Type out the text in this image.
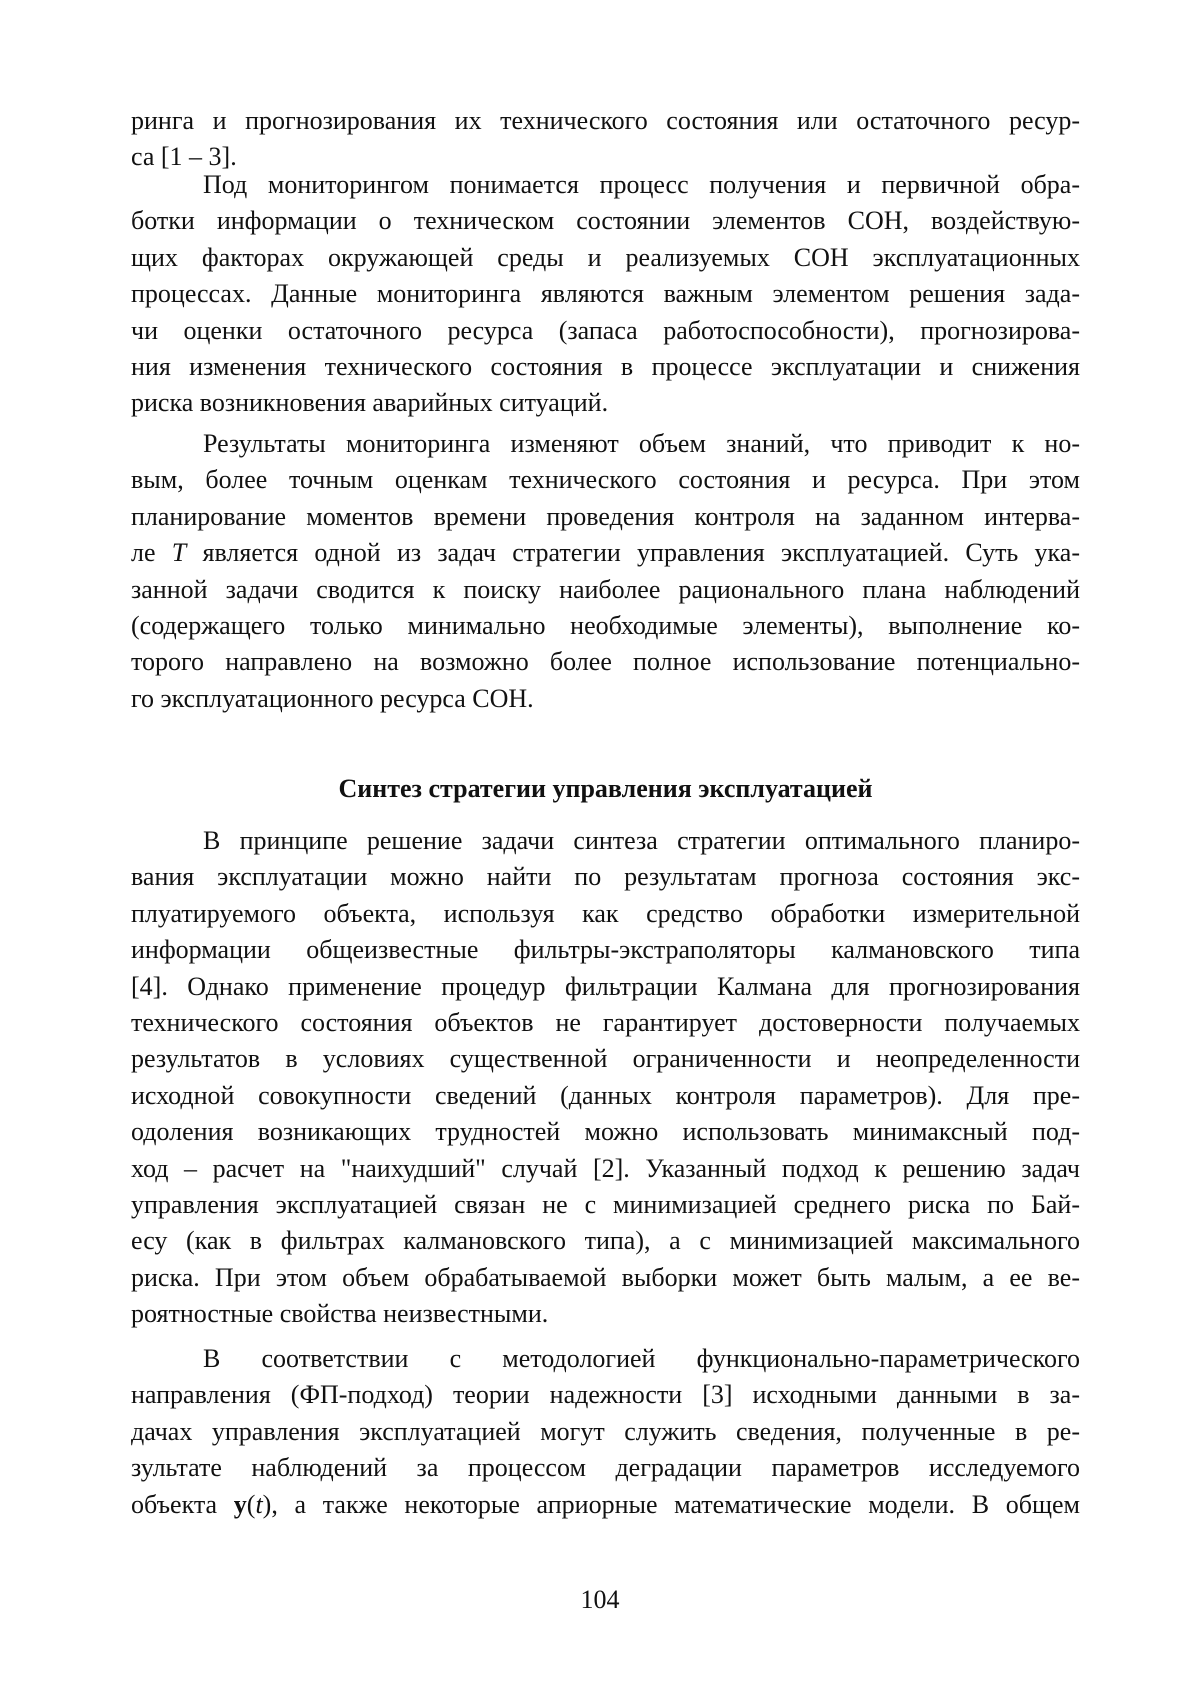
ринга и прогнозирования их технического состояния или остаточного ресур-
са [1 – 3].
Под мониторингом понимается процесс получения и первичной обра-
ботки информации о техническом состоянии элементов СОН, воздействую-
щих факторах окружающей среды и реализуемых СОН эксплуатационных
процессах. Данные мониторинга являются важным элементом решения зада-
чи оценки остаточного ресурса (запаса работоспособности), прогнозирова-
ния изменения технического состояния в процессе эксплуатации и снижения
риска возникновения аварийных ситуаций.
Результаты мониторинга изменяют объем знаний, что приводит к но-
вым, более точным оценкам технического состояния и ресурса. При этом
планирование моментов времени проведения контроля на заданном интерва-
ле T является одной из задач стратегии управления эксплуатацией. Суть ука-
занной задачи сводится к поиску наиболее рационального плана наблюдений
(содержащего только минимально необходимые элементы), выполнение ко-
торого направлено на возможно более полное использование потенциально-
го эксплуатационного ресурса СОН.
Синтез стратегии управления эксплуатацией
В принципе решение задачи синтеза стратегии оптимального планиро-
вания эксплуатации можно найти по результатам прогноза состояния экс-
плуатируемого объекта, используя как средство обработки измерительной
информации общеизвестные фильтры-экстраполяторы калмановского типа
[4]. Однако применение процедур фильтрации Калмана для прогнозирования
технического состояния объектов не гарантирует достоверности получаемых
результатов в условиях существенной ограниченности и неопределенности
исходной совокупности сведений (данных контроля параметров). Для пре-
одоления возникающих трудностей можно использовать минимаксный под-
ход – расчет на "наихудший" случай [2]. Указанный подход к решению задач
управления эксплуатацией связан не с минимизацией среднего риска по Бай-
есу (как в фильтрах калмановского типа), а с минимизацией максимального
риска. При этом объем обрабатываемой выборки может быть малым, а ее ве-
роятностные свойства неизвестными.
В соответствии с методологией функционально-параметрического
направления (ФП-подход) теории надежности [3] исходными данными в за-
дачах управления эксплуатацией могут служить сведения, полученные в ре-
зультате наблюдений за процессом деградации параметров исследуемого
объекта y(t), а также некоторые априорные математические модели. В общем
104
